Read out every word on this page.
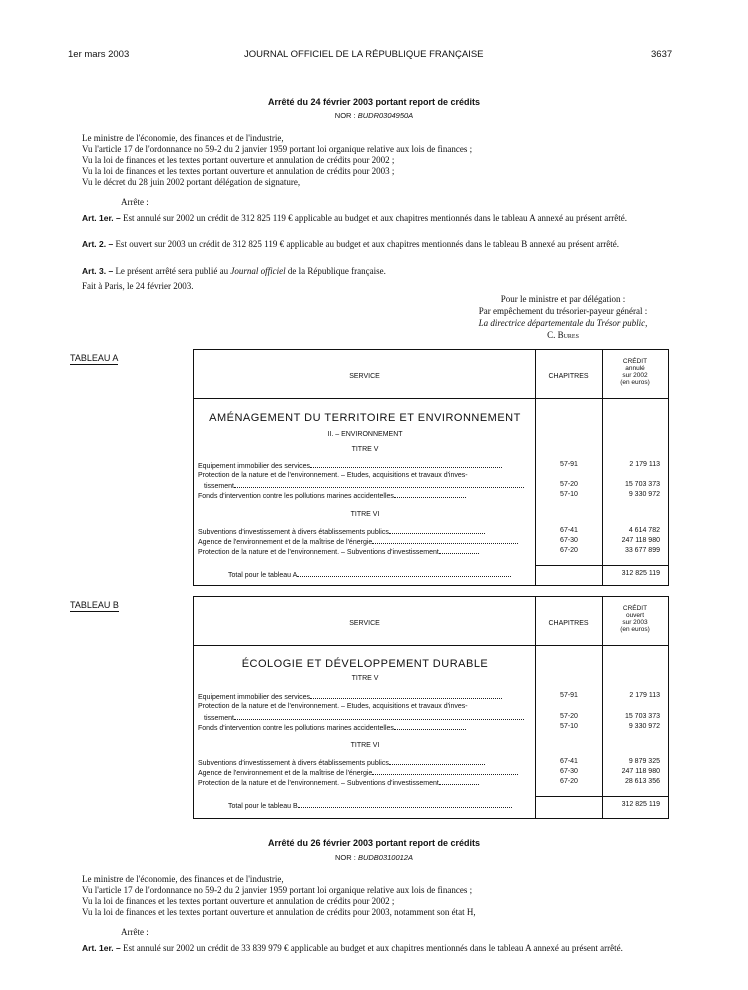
1er mars 2003	JOURNAL OFFICIEL DE LA RÉPUBLIQUE FRANÇAISE	3637
Arrêté du 24 février 2003 portant report de crédits
NOR : BUDR0304950A
Le ministre de l'économie, des finances et de l'industrie,
Vu l'article 17 de l'ordonnance no 59-2 du 2 janvier 1959 portant loi organique relative aux lois de finances ;
Vu la loi de finances et les textes portant ouverture et annulation de crédits pour 2002 ;
Vu la loi de finances et les textes portant ouverture et annulation de crédits pour 2003 ;
Vu le décret du 28 juin 2002 portant délégation de signature,
Arrête :
Art. 1er. – Est annulé sur 2002 un crédit de 312 825 119 € applicable au budget et aux chapitres mentionnés dans le tableau A annexé au présent arrêté.
Art. 2. – Est ouvert sur 2003 un crédit de 312 825 119 € applicable au budget et aux chapitres mentionnés dans le tableau B annexé au présent arrêté.
Art. 3. – Le présent arrêté sera publié au Journal officiel de la République française.
Fait à Paris, le 24 février 2003.
Pour le ministre et par délégation :
Par empêchement du trésorier-payeur général :
La directrice départementale du Trésor public,
C. Bures
TABLEAU A
SERVICE	CHAPITRES
CRÉDIT
annulé
sur 2002
(en euros)
AMÉNAGEMENT DU TERRITOIRE ET ENVIRONNEMENT
II. – ENVIRONNEMENT
TITRE V
Equipement immobilier des services	57-91	2 179 113
Protection de la nature et de l'environnement. – Etudes, acquisitions et travaux d'inves-
tissement	57-20	15 703 373
Fonds d'intervention contre les pollutions marines accidentelles	57-10	9 330 972
TITRE VI
Subventions d'investissement à divers établissements publics	67-41	4 614 782
Agence de l'environnement et de la maîtrise de l'énergie	67-30	247 118 980
Protection de la nature et de l'environnement. – Subventions d'investissement	67-20	33 677 899
Total pour le tableau A	312 825 119
TABLEAU B
SERVICE	CHAPITRES
CRÉDIT
ouvert
sur 2003
(en euros)
ÉCOLOGIE ET DÉVELOPPEMENT DURABLE
TITRE V
Equipement immobilier des services	57-91	2 179 113
Protection de la nature et de l'environnement. – Etudes, acquisitions et travaux d'inves-
tissement	57-20	15 703 373
Fonds d'intervention contre les pollutions marines accidentelles	57-10	9 330 972
TITRE VI
Subventions d'investissement à divers établissements publics	67-41	9 879 325
Agence de l'environnement et de la maîtrise de l'énergie	67-30	247 118 980
Protection de la nature et de l'environnement. – Subventions d'investissement	67-20	28 613 356
Total pour le tableau B	312 825 119
Arrêté du 26 février 2003 portant report de crédits
NOR : BUDB0310012A
Le ministre de l'économie, des finances et de l'industrie,
Vu l'article 17 de l'ordonnance no 59-2 du 2 janvier 1959 portant loi organique relative aux lois de finances ;
Vu la loi de finances et les textes portant ouverture et annulation de crédits pour 2002 ;
Vu la loi de finances et les textes portant ouverture et annulation de crédits pour 2003, notamment son état H,
Arrête :
Art. 1er. – Est annulé sur 2002 un crédit de 33 839 979 € applicable au budget et aux chapitres mentionnés dans le tableau A annexé au présent arrêté.
